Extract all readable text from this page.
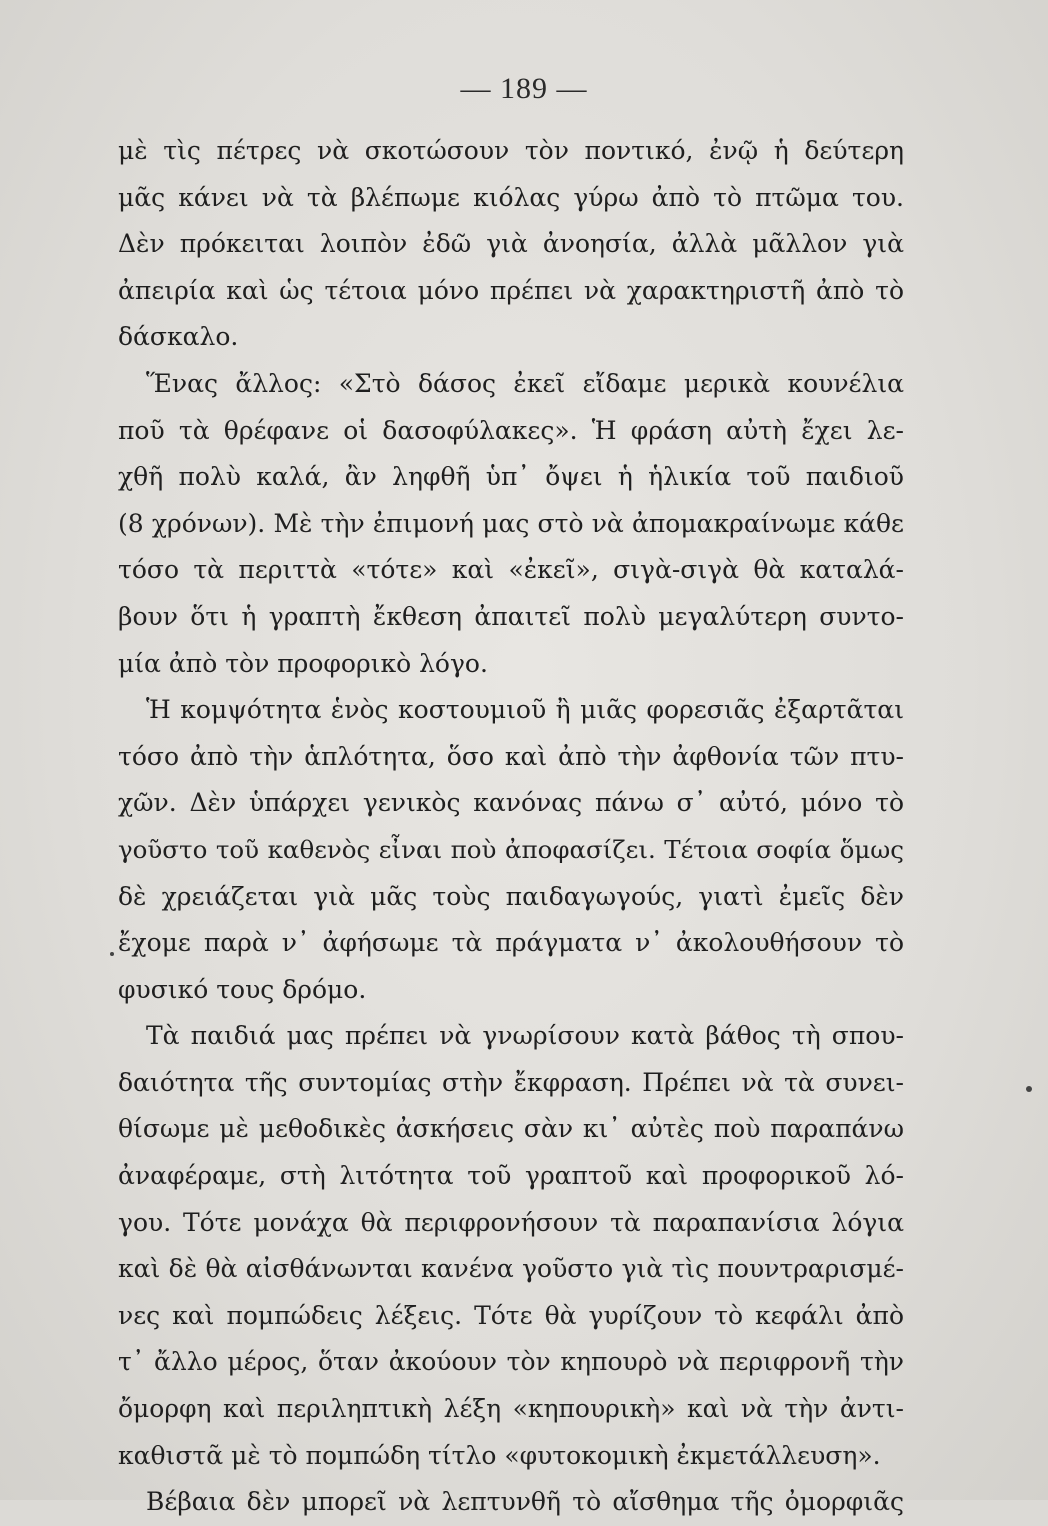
— 189 —
μὲ τὶς πέτρες νὰ σκοτώσουν τὸν ποντικό, ἐνῷ ἡ δεύτερη
μᾶς κάνει νὰ τὰ βλέπωμε κιόλας γύρω ἀπὸ τὸ πτῶμα του.
Δὲν πρόκειται λοιπὸν ἐδῶ γιὰ ἀνοησία, ἀλλὰ μᾶλλον γιὰ
ἀπειρία καὶ ὡς τέτοια μόνο πρέπει νὰ χαρακτηριστῆ ἀπὸ τὸ
δάσκαλο.
Ἕνας ἄλλος: «Στὸ δάσος ἐκεῖ εἴδαμε μερικὰ κουνέλια
ποῦ τὰ θρέφανε οἱ δασοφύλακες». Ἡ φράση αὐτὴ ἔχει λε-
χθῆ πολὺ καλά, ἂν ληφθῆ ὑπ᾽ ὄψει ἡ ἡλικία τοῦ παιδιοῦ
(8 χρόνων). Μὲ τὴν ἐπιμονή μας στὸ νὰ ἀπομακραίνωμε κάθε
τόσο τὰ περιττὰ «τότε» καὶ «ἐκεῖ», σιγὰ-σιγὰ θὰ καταλά-
βουν ὅτι ἡ γραπτὴ ἔκθεση ἀπαιτεῖ πολὺ μεγαλύτερη συντο-
μία ἀπὸ τὸν προφορικὸ λόγο.
Ἡ κομψότητα ἑνὸς κοστουμιοῦ ἢ μιᾶς φορεσιᾶς ἐξαρτᾶται
τόσο ἀπὸ τὴν ἁπλότητα, ὅσο καὶ ἀπὸ τὴν ἀφθονία τῶν πτυ-
χῶν. Δὲν ὑπάρχει γενικὸς κανόνας πάνω σ᾽ αὐτό, μόνο τὸ
γοῦστο τοῦ καθενὸς εἶναι ποὺ ἀποφασίζει. Τέτοια σοφία ὅμως
δὲ χρειάζεται γιὰ μᾶς τοὺς παιδαγωγούς, γιατὶ ἐμεῖς δὲν
ἔχομε παρὰ ν᾽ ἀφήσωμε τὰ πράγματα ν᾽ ἀκολουθήσουν τὸ
φυσικό τους δρόμο.
Τὰ παιδιά μας πρέπει νὰ γνωρίσουν κατὰ βάθος τὴ σπου-
δαιότητα τῆς συντομίας στὴν ἔκφραση. Πρέπει νὰ τὰ συνει-
θίσωμε μὲ μεθοδικὲς ἀσκήσεις σὰν κι᾽ αὐτὲς ποὺ παραπάνω
ἀναφέραμε, στὴ λιτότητα τοῦ γραπτοῦ καὶ προφορικοῦ λό-
γου. Τότε μονάχα θὰ περιφρονήσουν τὰ παραπανίσια λόγια
καὶ δὲ θὰ αἰσθάνωνται κανένα γοῦστο γιὰ τὶς πουντραρισμέ-
νες καὶ πομπώδεις λέξεις. Τότε θὰ γυρίζουν τὸ κεφάλι ἀπὸ
τ᾽ ἄλλο μέρος, ὅταν ἀκούουν τὸν κηπουρὸ νὰ περιφρονῆ τὴν
ὄμορφη καὶ περιληπτικὴ λέξη «κηπουρικὴ» καὶ νὰ τὴν ἀντι-
καθιστᾶ μὲ τὸ πομπώδη τίτλο «φυτοκομικὴ ἐκμετάλλευση».
Βέβαια δὲν μπορεῖ νὰ λεπτυνθῆ τὸ αἴσθημα τῆς ὀμορφιᾶς
